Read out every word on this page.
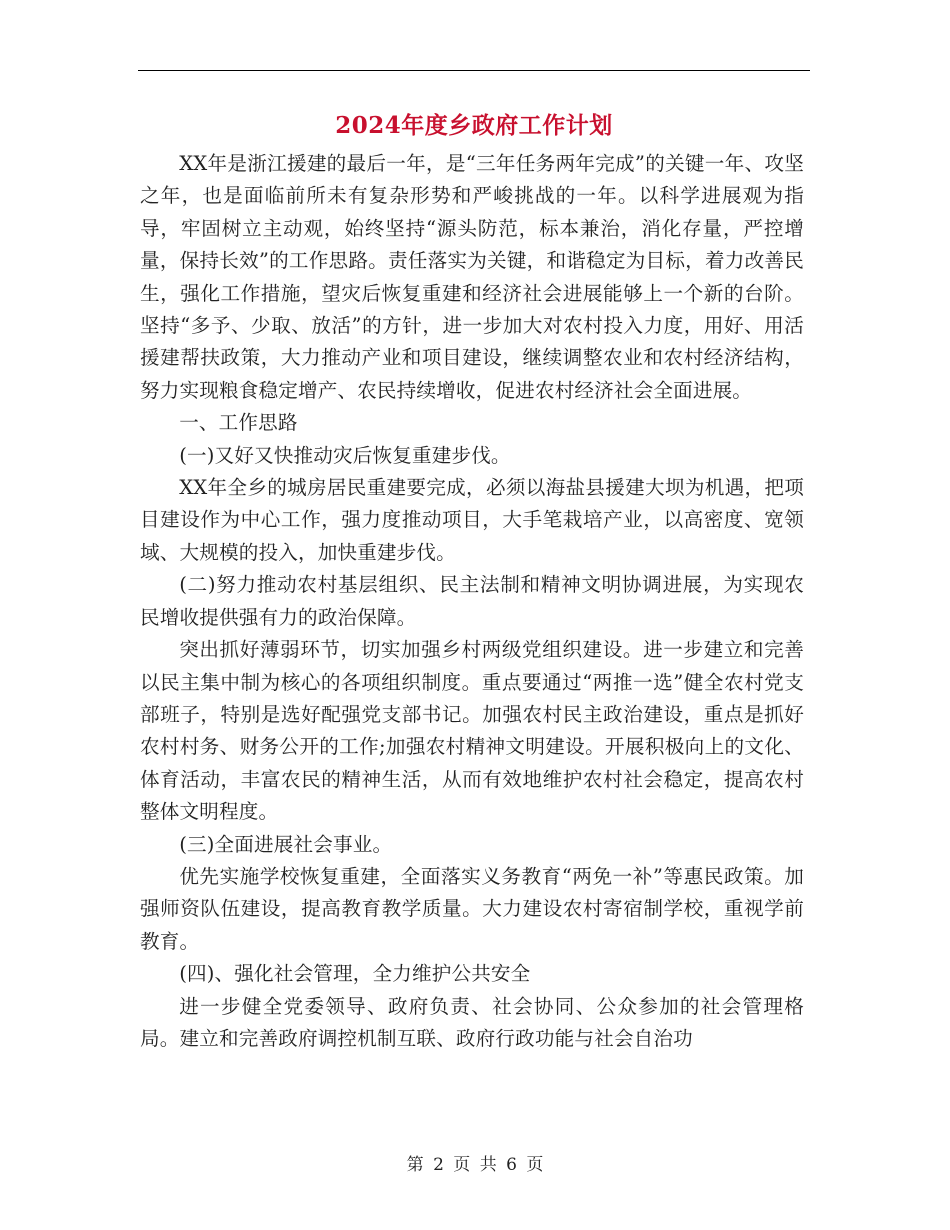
2024年度乡政府工作计划

XX年是浙江援建的最后一年，是“三年任务两年完成”的关键一年、攻坚之年，也是面临前所未有复杂形势和严峻挑战的一年。以科学进展观为指导，牢固树立主动观，始终坚持“源头防范，标本兼治，消化存量，严控增量，保持长效”的工作思路。责任落实为关键，和谐稳定为目标，着力改善民生，强化工作措施，望灾后恢复重建和经济社会进展能够上一个新的台阶。坚持“多予、少取、放活”的方针，进一步加大对农村投入力度，用好、用活援建帮扶政策，大力推动产业和项目建设，继续调整农业和农村经济结构，努力实现粮食稳定增产、农民持续增收，促进农村经济社会全面进展。

一、工作思路

(一)又好又快推动灾后恢复重建步伐。

XX年全乡的城房居民重建要完成，必须以海盐县援建大坝为机遇，把项目建设作为中心工作，强力度推动项目，大手笔栽培产业，以高密度、宽领域、大规模的投入，加快重建步伐。

(二)努力推动农村基层组织、民主法制和精神文明协调进展，为实现农民增收提供强有力的政治保障。

突出抓好薄弱环节，切实加强乡村两级党组织建设。进一步建立和完善以民主集中制为核心的各项组织制度。重点要通过“两推一选”健全农村党支部班子，特别是选好配强党支部书记。加强农村民主政治建设，重点是抓好农村村务、财务公开的工作;加强农村精神文明建设。开展积极向上的文化、体育活动，丰富农民的精神生活，从而有效地维护农村社会稳定，提高农村整体文明程度。

(三)全面进展社会事业。

优先实施学校恢复重建，全面落实义务教育“两免一补”等惠民政策。加强师资队伍建设，提高教育教学质量。大力建设农村寄宿制学校，重视学前教育。

(四)、强化社会管理，全力维护公共安全

进一步健全党委领导、政府负责、社会协同、公众参加的社会管理格局。建立和完善政府调控机制互联、政府行政功能与社会自治功

第 2 页 共 6 页
